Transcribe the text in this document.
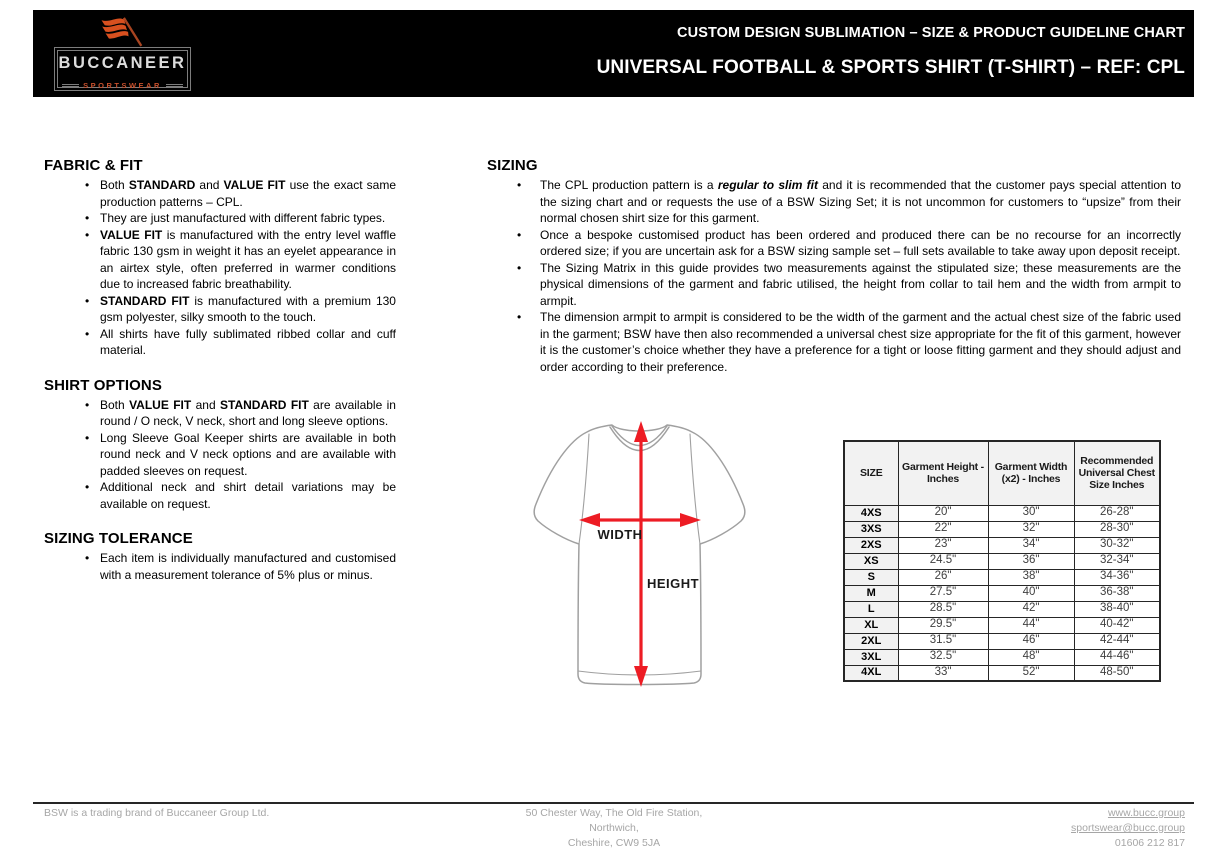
BUCCANEER
SPORTSWEAR
CUSTOM DESIGN SUBLIMATION – SIZE & PRODUCT GUIDELINE CHART
UNIVERSAL FOOTBALL & SPORTS SHIRT (T-SHIRT) – REF: CPL
FABRIC & FIT
• Both STANDARD and VALUE FIT use the exact same production patterns – CPL.
• They are just manufactured with different fabric types.
• VALUE FIT is manufactured with the entry level waffle fabric 130 gsm in weight it has an eyelet appearance in an airtex style, often preferred in warmer conditions due to increased fabric breathability.
• STANDARD FIT is manufactured with a premium 130 gsm polyester, silky smooth to the touch.
• All shirts have fully sublimated ribbed collar and cuff material.
SHIRT OPTIONS
• Both VALUE FIT and STANDARD FIT are available in round / O neck, V neck, short and long sleeve options.
• Long Sleeve Goal Keeper shirts are available in both round neck and V neck options and are available with padded sleeves on request.
• Additional neck and shirt detail variations may be available on request.
SIZING TOLERANCE
• Each item is individually manufactured and customised with a measurement tolerance of 5% plus or minus.
SIZING
• The CPL production pattern is a regular to slim fit and it is recommended that the customer pays special attention to the sizing chart and or requests the use of a BSW Sizing Set; it is not uncommon for customers to “upsize” from their normal chosen shirt size for this garment.
• Once a bespoke customised product has been ordered and produced there can be no recourse for an incorrectly ordered size; if you are uncertain ask for a BSW sizing sample set – full sets available to take away upon deposit receipt.
• The Sizing Matrix in this guide provides two measurements against the stipulated size; these measurements are the physical dimensions of the garment and fabric utilised, the height from collar to tail hem and the width from armpit to armpit.
• The dimension armpit to armpit is considered to be the width of the garment and the actual chest size of the fabric used in the garment; BSW have then also recommended a universal chest size appropriate for the fit of this garment, however it is the customer’s choice whether they have a preference for a tight or loose fitting garment and they should adjust and order according to their preference.
WIDTH
HEIGHT
SIZE	Garment Height - Inches	Garment Width (x2) - Inches	Recommended Universal Chest Size Inches
4XS	20"	30"	26-28"
3XS	22"	32"	28-30"
2XS	23"	34"	30-32"
XS	24.5"	36"	32-34"
S	26"	38"	34-36"
M	27.5"	40"	36-38"
L	28.5"	42"	38-40"
XL	29.5"	44"	40-42"
2XL	31.5"	46"	42-44"
3XL	32.5"	48"	44-46"
4XL	33"	52"	48-50"
BSW is a trading brand of Buccaneer Group Ltd.	50 Chester Way, The Old Fire Station,
Northwich,
Cheshire, CW9 5JA
www.bucc.group
sportswear@bucc.group
01606 212 817
